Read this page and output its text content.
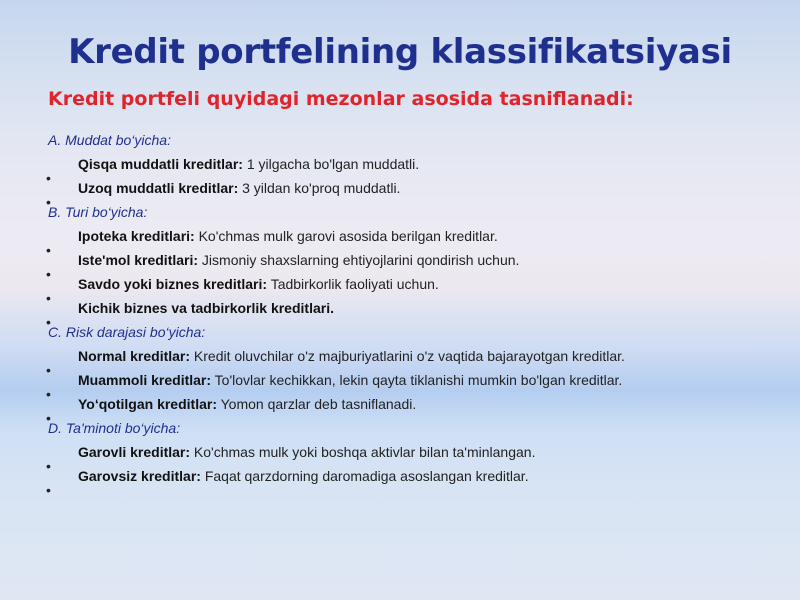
Kredit portfelining klassifikatsiyasi
Kredit portfeli quyidagi mezonlar asosida tasniflanadi:
A. Muddat bo‘yicha:
Qisqa muddatli kreditlar: 1 yilgacha bo'lgan muddatli.
Uzoq muddatli kreditlar: 3 yildan ko'proq muddatli.
•
•
B. Turi bo‘yicha:
Ipoteka kreditlari: Ko'chmas mulk garovi asosida berilgan kreditlar.
Iste'mol kreditlari: Jismoniy shaxslarning ehtiyojlarini qondirish uchun.
Savdo yoki biznes kreditlari: Tadbirkorlik faoliyati uchun.
Kichik biznes va tadbirkorlik kreditlari.
•
•
•
•
C. Risk darajasi bo‘yicha:
Normal kreditlar: Kredit oluvchilar o'z majburiyatlarini o'z vaqtida bajarayotgan kreditlar.
Muammoli kreditlar: To'lovlar kechikkan, lekin qayta tiklanishi mumkin bo'lgan kreditlar.
Yo‘qotilgan kreditlar: Yomon qarzlar deb tasniflanadi.
•
•
•
D. Ta'minoti bo‘yicha:
Garovli kreditlar: Ko'chmas mulk yoki boshqa aktivlar bilan ta'minlangan.
Garovsiz kreditlar: Faqat qarzdorning daromadiga asoslangan kreditlar.
•
•
